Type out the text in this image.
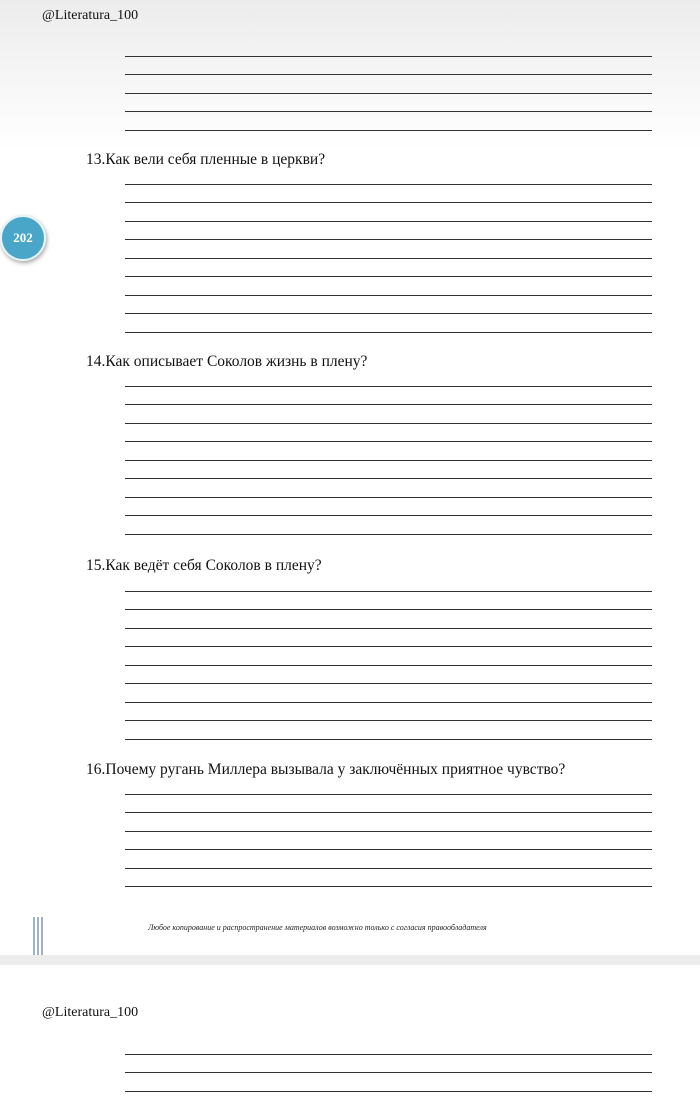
@Literatura_100
202
13.Как вели себя пленные в церкви?
14.Как описывает Соколов жизнь в плену?
15.Как ведёт себя Соколов в плену?
16.Почему ругань Миллера вызывала у заключённых приятное чувство?
Любое копирование и распространение материалов возможно только с согласия правообладателя
@Literatura_100
